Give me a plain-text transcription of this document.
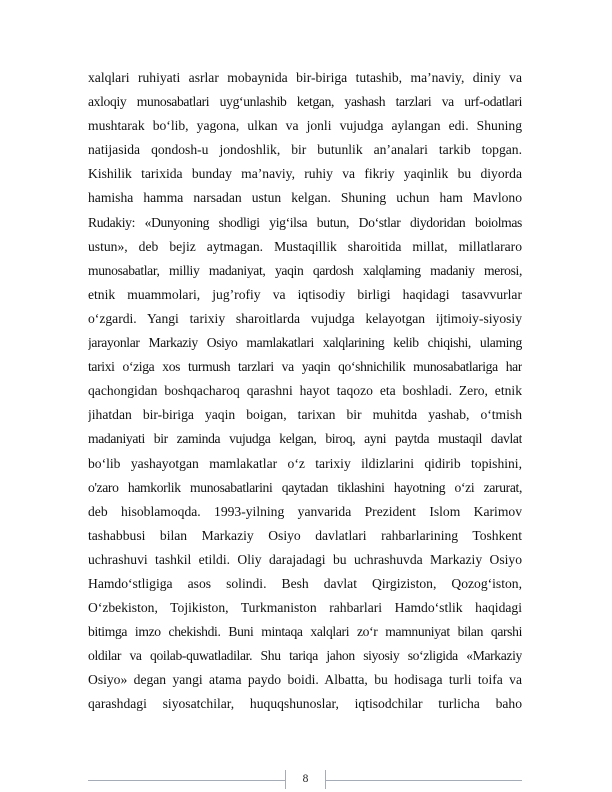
xalqlari ruhiyati asrlar mobaynida bir-biriga tutashib, ma’naviy, diniy va
axloqiy munosabatlari uyg‘unlashib ketgan, yashash tarzlari va urf-odatlari
mushtarak bo‘lib, yagona, ulkan va jonli vujudga aylangan edi. Shuning
natijasida qondosh-u jondoshlik, bir butunlik an’analari tarkib topgan.
Kishilik tarixida bunday ma’naviy, ruhiy va fikriy yaqinlik bu diyorda
hamisha hamma narsadan ustun kelgan. Shuning uchun ham Mavlono
Rudakiy: «Dunyoning shodligi yig‘ilsa butun, Do‘stlar diydoridan boiolmas
ustun», deb bejiz aytmagan. Mustaqillik sharoitida millat, millatlararo
munosabatlar, milliy madaniyat, yaqin qardosh xalqlaming madaniy merosi,
etnik muammolari, jug’rofiy va iqtisodiy birligi haqidagi tasavvurlar
o‘zgardi. Yangi tarixiy sharoitlarda vujudga kelayotgan ijtimoiy-siyosiy
jarayonlar Markaziy Osiyo mamlakatlari xalqlarining kelib chiqishi, ulaming
tarixi o‘ziga xos turmush tarzlari va yaqin qo‘shnichilik munosabatlariga har
qachongidan boshqacharoq qarashni hayot taqozo eta boshladi. Zero, etnik
jihatdan bir-biriga yaqin boigan, tarixan bir muhitda yashab, o‘tmish
madaniyati bir zaminda vujudga kelgan, biroq, ayni paytda mustaqil davlat
bo‘lib yashayotgan mamlakatlar o‘z tarixiy ildizlarini qidirib topishini,
o'zaro hamkorlik munosabatlarini qaytadan tiklashini hayotning o‘zi zarurat,
deb hisoblamoqda. 1993-yilning yanvarida Prezident Islom Karimov
tashabbusi bilan Markaziy Osiyo davlatlari rahbarlarining Toshkent
uchrashuvi tashkil etildi. Oliy darajadagi bu uchrashuvda Markaziy Osiyo
Hamdo‘stligiga asos solindi. Besh davlat Qirgiziston, Qozog‘iston,
O‘zbekiston, Tojikiston, Turkmaniston rahbarlari Hamdo‘stlik haqidagi
bitimga imzo chekishdi. Buni mintaqa xalqlari zo‘r mamnuniyat bilan qarshi
oldilar va qoilab-quwatladilar. Shu tariqa jahon siyosiy so‘zligida «Markaziy
Osiyo» degan yangi atama paydo boidi. Albatta, bu hodisaga turli toifa va
qarashdagi siyosatchilar, huquqshunoslar, iqtisodchilar turlicha baho
8
